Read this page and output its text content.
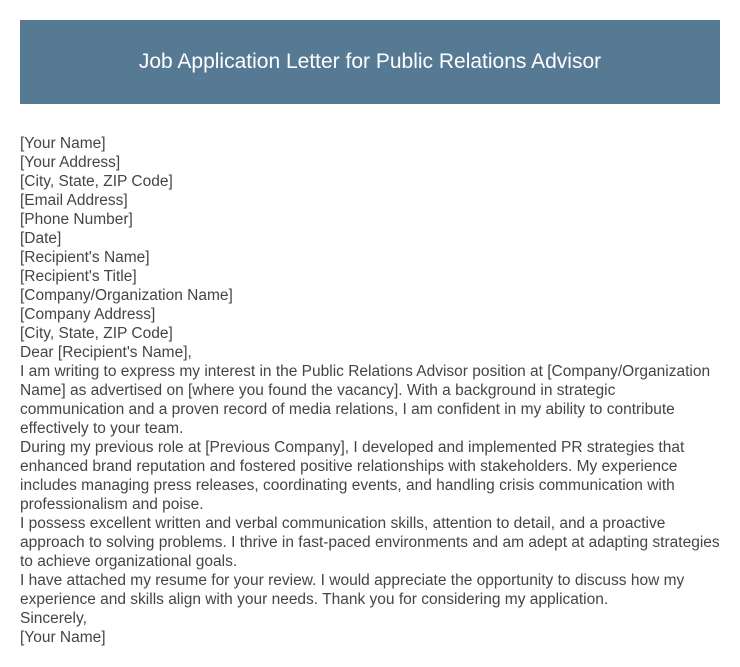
Job Application Letter for Public Relations Advisor

[Your Name]

[Your Address]

[City, State, ZIP Code]

[Email Address]

[Phone Number]

[Date]

[Recipient's Name]

[Recipient's Title]

[Company/Organization Name]

[Company Address]

[City, State, ZIP Code]

Dear [Recipient's Name],

I am writing to express my interest in the Public Relations Advisor position at [Company/Organization Name] as advertised on [where you found the vacancy]. With a background in strategic communication and a proven record of media relations, I am confident in my ability to contribute effectively to your team.

During my previous role at [Previous Company], I developed and implemented PR strategies that enhanced brand reputation and fostered positive relationships with stakeholders. My experience includes managing press releases, coordinating events, and handling crisis communication with professionalism and poise.

I possess excellent written and verbal communication skills, attention to detail, and a proactive approach to solving problems. I thrive in fast-paced environments and am adept at adapting strategies to achieve organizational goals.

I have attached my resume for your review. I would appreciate the opportunity to discuss how my experience and skills align with your needs. Thank you for considering my application.

Sincerely,

[Your Name]
